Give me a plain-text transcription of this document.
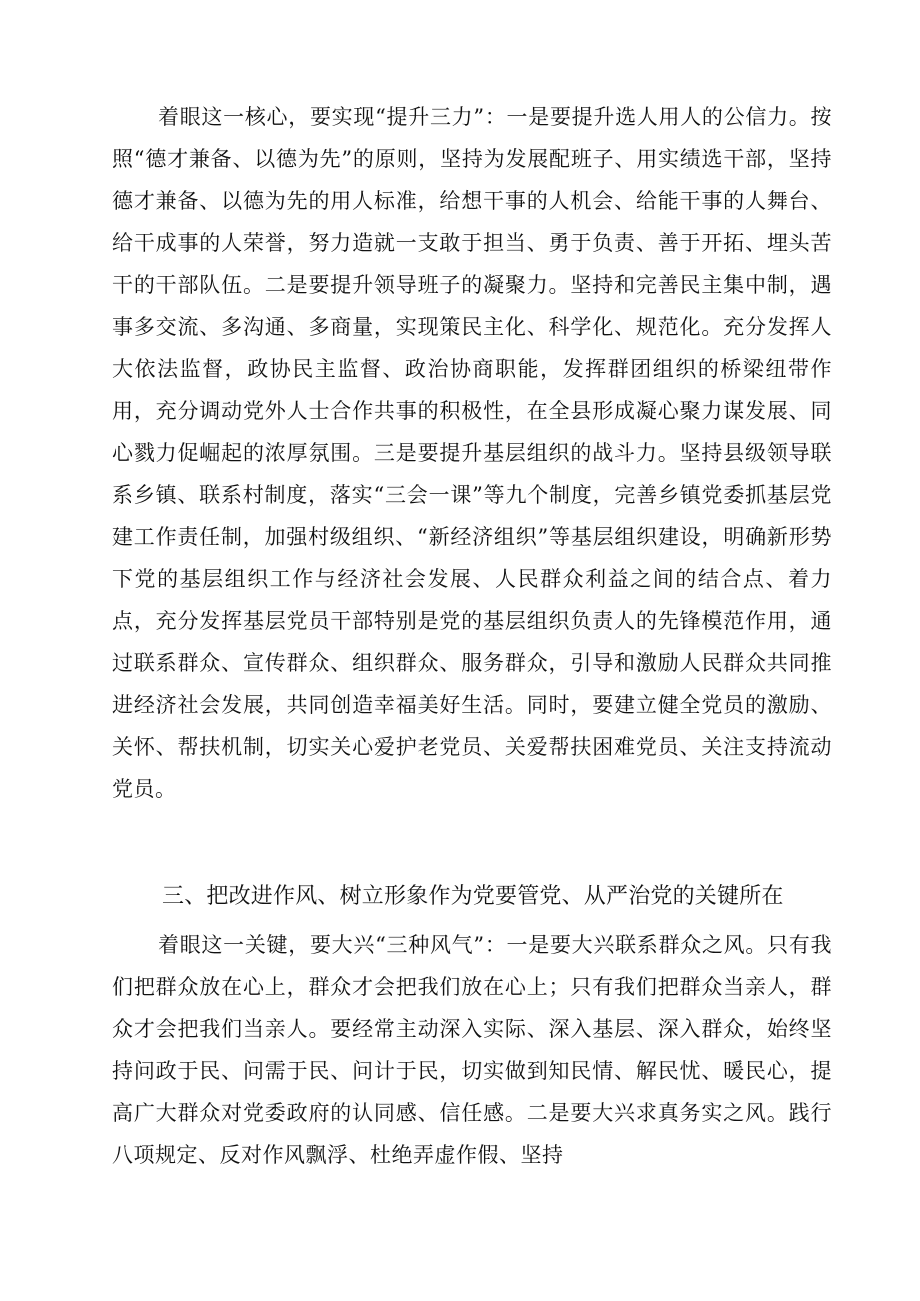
着眼这一核心，要实现“提升三力”：一是要提升选人用人的公信力。按照“德才兼备、以德为先”的原则，坚持为发展配班子、用实绩选干部，坚持德才兼备、以德为先的用人标准，给想干事的人机会、给能干事的人舞台、给干成事的人荣誉，努力造就一支敢于担当、勇于负责、善于开拓、埋头苦干的干部队伍。二是要提升领导班子的凝聚力。坚持和完善民主集中制，遇事多交流、多沟通、多商量，实现策民主化、科学化、规范化。充分发挥人大依法监督，政协民主监督、政治协商职能，发挥群团组织的桥梁纽带作用，充分调动党外人士合作共事的积极性，在全县形成凝心聚力谋发展、同心戮力促崛起的浓厚氛围。三是要提升基层组织的战斗力。坚持县级领导联系乡镇、联系村制度，落实“三会一课”等九个制度，完善乡镇党委抓基层党建工作责任制，加强村级组织、“新经济组织”等基层组织建设，明确新形势下党的基层组织工作与经济社会发展、人民群众利益之间的结合点、着力点，充分发挥基层党员干部特别是党的基层组织负责人的先锋模范作用，通过联系群众、宣传群众、组织群众、服务群众，引导和激励人民群众共同推进经济社会发展，共同创造幸福美好生活。同时，要建立健全党员的激励、关怀、帮扶机制，切实关心爱护老党员、关爱帮扶困难党员、关注支持流动党员。

三、把改进作风、树立形象作为党要管党、从严治党的关键所在

着眼这一关键，要大兴“三种风气”：一是要大兴联系群众之风。只有我们把群众放在心上，群众才会把我们放在心上；只有我们把群众当亲人，群众才会把我们当亲人。要经常主动深入实际、深入基层、深入群众，始终坚持问政于民、问需于民、问计于民，切实做到知民情、解民忧、暖民心，提高广大群众对党委政府的认同感、信任感。二是要大兴求真务实之风。践行八项规定、反对作风飘浮、杜绝弄虚作假、坚持
